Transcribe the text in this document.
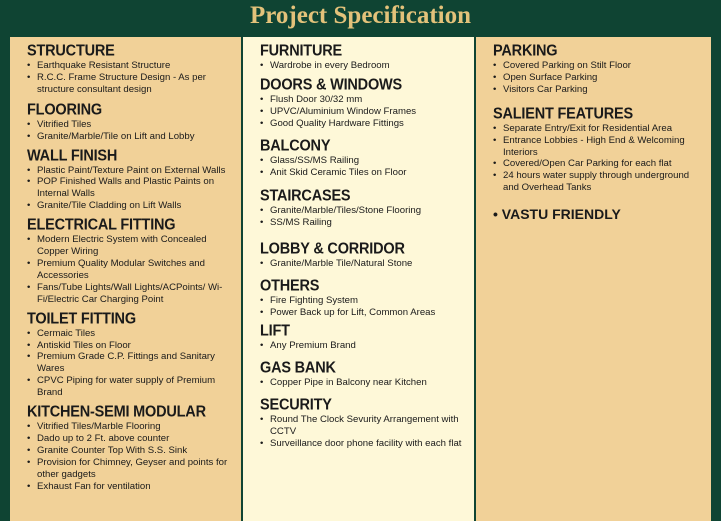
Project Specification
STRUCTURE
• Earthquake Resistant Structure
• R.C.C. Frame Structure Design - As per structure consultant design
FLOORING
• Vitrified Tiles
• Granite/Marble/Tile on Lift and Lobby
WALL FINISH
• Plastic Paint/Texture Paint on External Walls
• POP Finished Walls and Plastic Paints on Internal Walls
• Granite/Tile Cladding on Lift Walls
ELECTRICAL FITTING
• Modern Electric System with Concealed Copper Wiring
• Premium Quality Modular Switches and Accessories
• Fans/Tube Lights/Wall Lights/ACPoints/ Wi-Fi/Electric Car Charging Point
TOILET FITTING
• Cermaic Tiles
• Antiskid Tiles on Floor
• Premium Grade C.P. Fittings and Sanitary Wares
• CPVC Piping for water supply of Premium Brand
KITCHEN-SEMI MODULAR
• Vitrified Tiles/Marble Flooring
• Dado up to 2 Ft. above counter
• Granite Counter Top With S.S. Sink
• Provision for Chimney, Geyser and points for other gadgets
• Exhaust Fan for ventilation
FURNITURE
• Wardrobe in every Bedroom
DOORS & WINDOWS
• Flush Door 30/32 mm
• UPVC/Aluminium Window Frames
• Good Quality Hardware Fittings
BALCONY
• Glass/SS/MS Railing
• Anit Skid Ceramic Tiles on Floor
STAIRCASES
• Granite/Marble/Tiles/Stone Flooring
• SS/MS Railing
LOBBY & CORRIDOR
• Granite/Marble Tile/Natural Stone
OTHERS
• Fire Fighting System
• Power Back up for Lift, Common Areas
LIFT
• Any Premium Brand
GAS BANK
• Copper Pipe in Balcony near Kitchen
SECURITY
• Round The Clock Sevurity Arrangement with CCTV
• Surveillance door phone facility with each flat
PARKING
• Covered Parking on Stilt Floor
• Open Surface Parking
• Visitors Car Parking
SALIENT FEATURES
• Separate Entry/Exit for Residential Area
• Entrance Lobbies - High End & Welcoming Interiors
• Covered/Open Car Parking for each flat
• 24 hours water supply through underground and Overhead Tanks
• VASTU FRIENDLY
